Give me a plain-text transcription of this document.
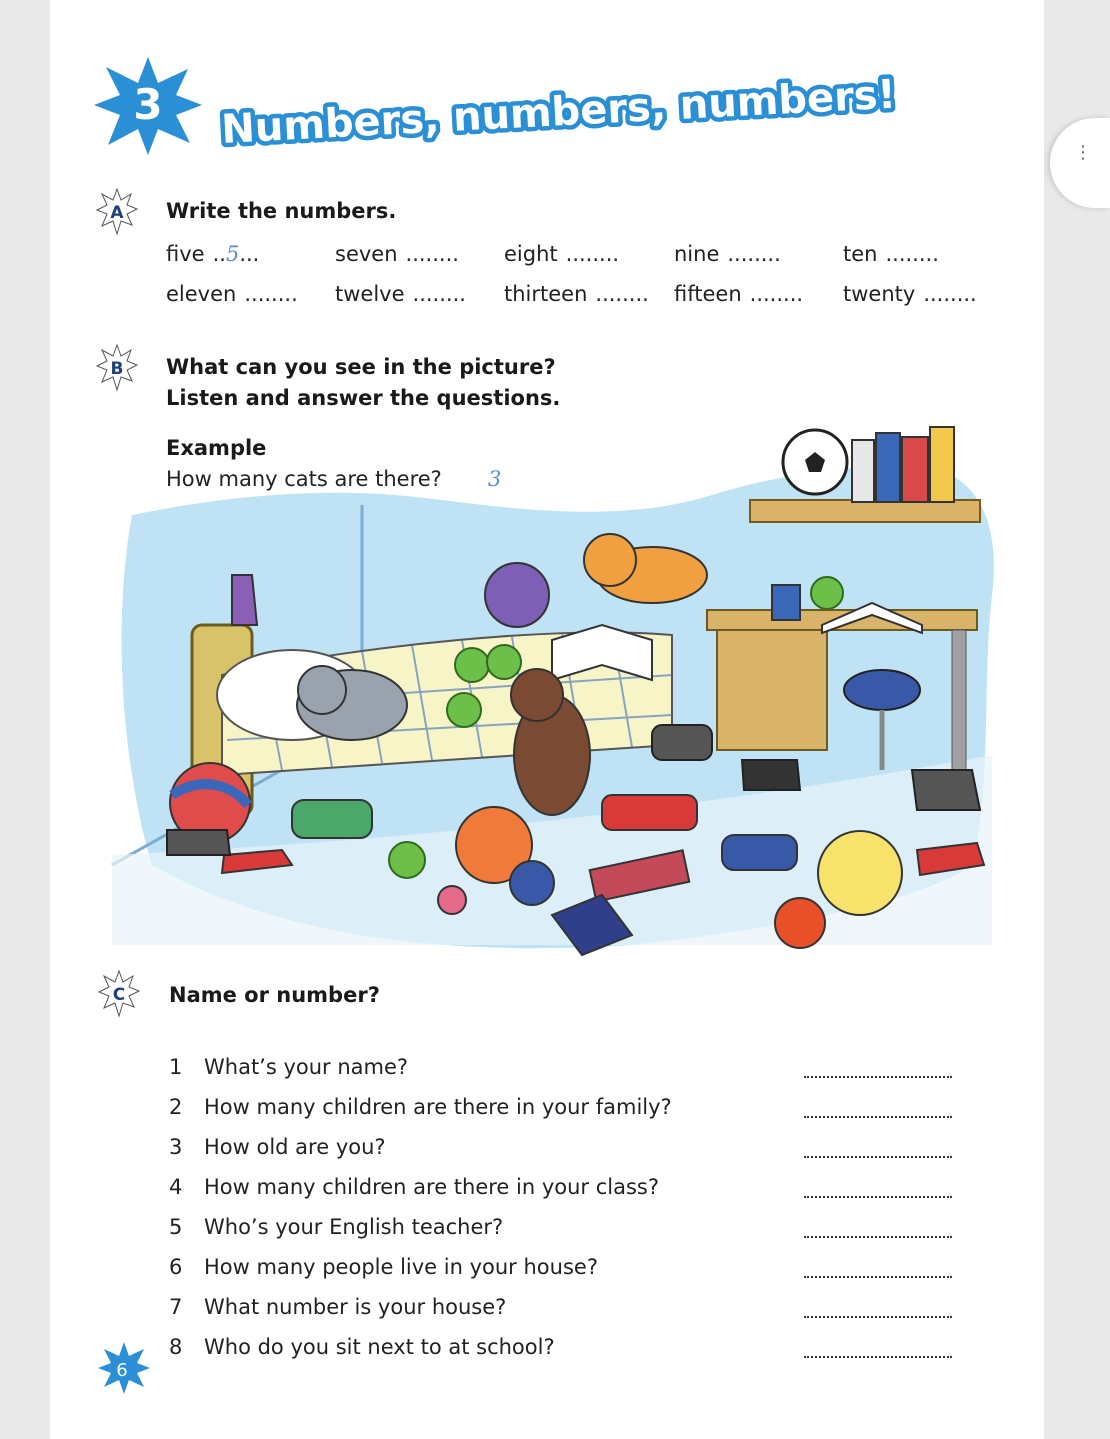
⋮
3 Numbers, numbers, numbers!
A Write the numbers.
five ..5...	seven ........ eight ........	nine ........	ten ........
eleven ........ twelve ........ thirteen ........ fifteen ........ twenty ........
B What can you see in the picture?
Listen and answer the questions.
Example
How many cats are there? 3
C Name or number?
1 What’s your name?
2 How many children are there in your family?
3 How old are you?
4 How many children are there in your class?
5 Who’s your English teacher?
6 How many people live in your house?
7 What number is your house?
8 Who do you sit next to at school?
6
